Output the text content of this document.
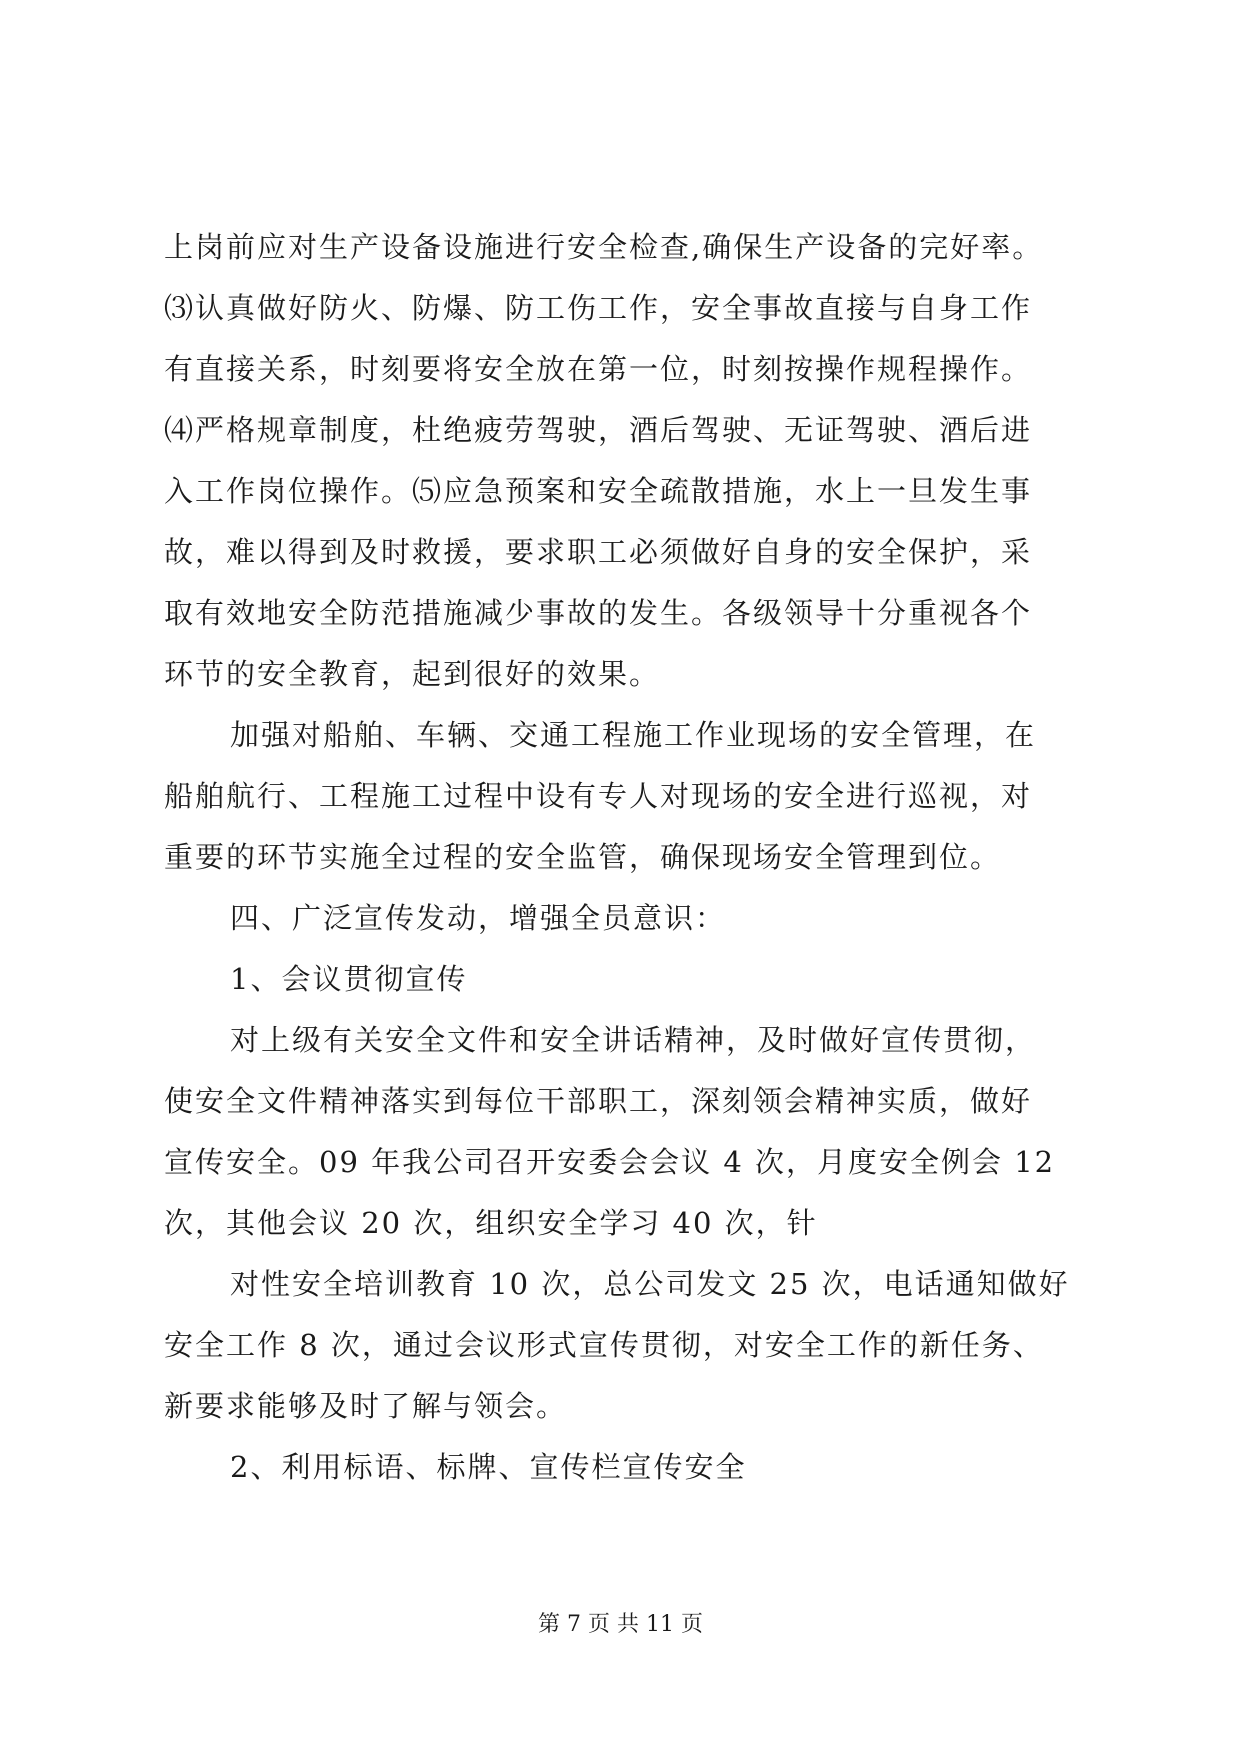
上岗前应对生产设备设施进行安全检查,确保生产设备的完好率。
⑶认真做好防火、防爆、防工伤工作，安全事故直接与自身工作
有直接关系，时刻要将安全放在第一位，时刻按操作规程操作。
⑷严格规章制度，杜绝疲劳驾驶，酒后驾驶、无证驾驶、酒后进
入工作岗位操作。⑸应急预案和安全疏散措施，水上一旦发生事
故，难以得到及时救援，要求职工必须做好自身的安全保护，采
取有效地安全防范措施减少事故的发生。各级领导十分重视各个
环节的安全教育，起到很好的效果。
加强对船舶、车辆、交通工程施工作业现场的安全管理，在
船舶航行、工程施工过程中设有专人对现场的安全进行巡视，对
重要的环节实施全过程的安全监管，确保现场安全管理到位。
四、广泛宣传发动，增强全员意识：
1、会议贯彻宣传
对上级有关安全文件和安全讲话精神，及时做好宣传贯彻，
使安全文件精神落实到每位干部职工，深刻领会精神实质，做好
宣传安全。09 年我公司召开安委会会议 4 次，月度安全例会 12
次，其他会议 20 次，组织安全学习 40 次，针
对性安全培训教育 10 次，总公司发文 25 次，电话通知做好
安全工作 8 次，通过会议形式宣传贯彻，对安全工作的新任务、
新要求能够及时了解与领会。
2、利用标语、标牌、宣传栏宣传安全
第 7 页 共 11 页
